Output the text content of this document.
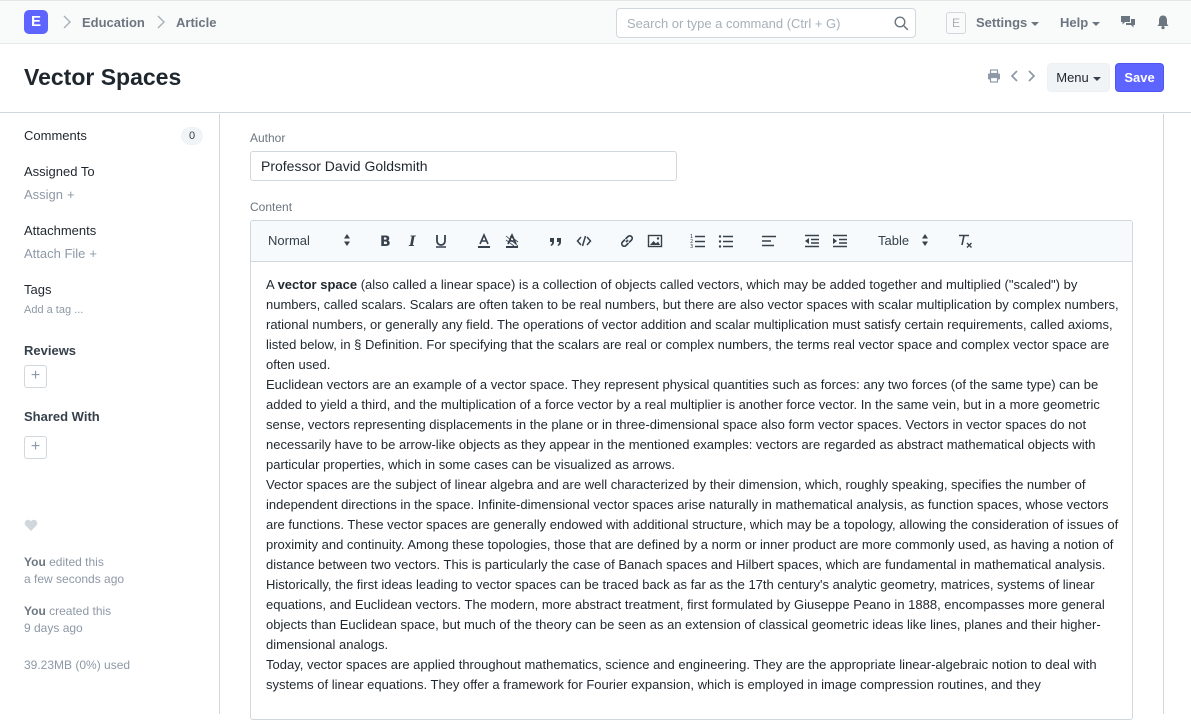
E	Education Article
Search or type a command (Ctrl + G)	E	Settings	Help
Vector Spaces	Menu	Save
Comments	0
Assigned To
Assign +
Attachments
Attach File +
Tags
Add a tag ...
Reviews
+
Shared With
+
You edited this
a few seconds ago
You created this
9 days ago
39.23MB (0%) used
Author
Professor David Goldsmith
Content
Normal	B I	1
2
3	Table

A vector space (also called a linear space) is a collection of objects called vectors, which may be added together and multiplied ("scaled") by numbers, called scalars. Scalars are often taken to be real numbers, but there are also vector spaces with scalar multiplication by complex numbers, rational numbers, or generally any field. The operations of vector addition and scalar multiplication must satisfy certain requirements, called axioms, listed below, in § Definition. For specifying that the scalars are real or complex numbers, the terms real vector space and complex vector space are often used.

Euclidean vectors are an example of a vector space. They represent physical quantities such as forces: any two forces (of the same type) can be added to yield a third, and the multiplication of a force vector by a real multiplier is another force vector. In the same vein, but in a more geometric sense, vectors representing displacements in the plane or in three-dimensional space also form vector spaces. Vectors in vector spaces do not necessarily have to be arrow-like objects as they appear in the mentioned examples: vectors are regarded as abstract mathematical objects with particular properties, which in some cases can be visualized as arrows.

Vector spaces are the subject of linear algebra and are well characterized by their dimension, which, roughly speaking, specifies the number of independent directions in the space. Infinite-dimensional vector spaces arise naturally in mathematical analysis, as function spaces, whose vectors are functions. These vector spaces are generally endowed with additional structure, which may be a topology, allowing the consideration of issues of proximity and continuity. Among these topologies, those that are defined by a norm or inner product are more commonly used, as having a notion of distance between two vectors. This is particularly the case of Banach spaces and Hilbert spaces, which are fundamental in mathematical analysis.

Historically, the first ideas leading to vector spaces can be traced back as far as the 17th century's analytic geometry, matrices, systems of linear equations, and Euclidean vectors. The modern, more abstract treatment, first formulated by Giuseppe Peano in 1888, encompasses more general objects than Euclidean space, but much of the theory can be seen as an extension of classical geometric ideas like lines, planes and their higher-dimensional analogs.

Today, vector spaces are applied throughout mathematics, science and engineering. They are the appropriate linear-algebraic notion to deal with systems of linear equations. They offer a framework for Fourier expansion, which is employed in image compression routines, and they
